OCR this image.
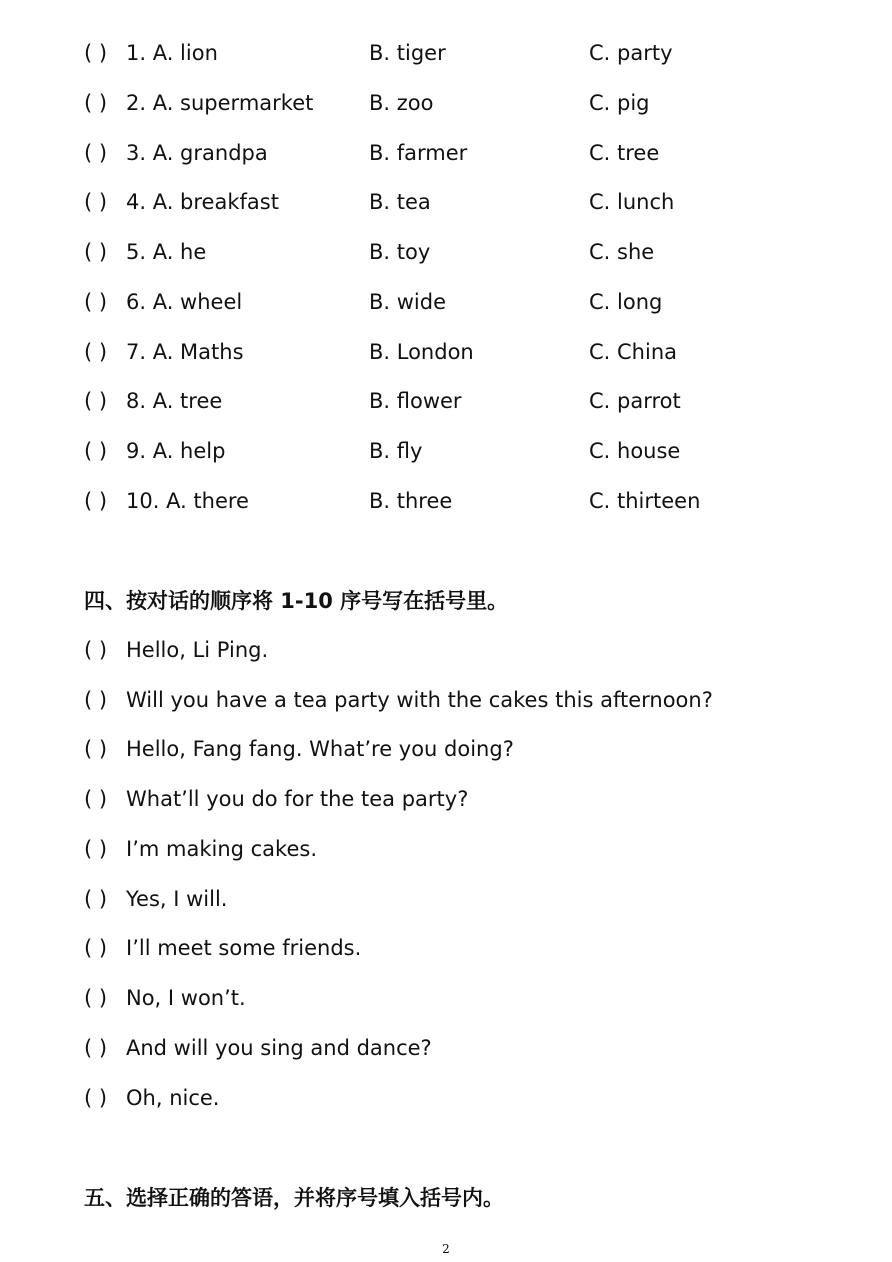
( ) 1. A. lion	B. tiger	C. party
( ) 2. A. supermarket	B. zoo	C. pig
( ) 3. A. grandpa	B. farmer	C. tree
( ) 4. A. breakfast	B. tea	C. lunch
( ) 5. A. he	B. toy	C. she
( ) 6. A. wheel	B. wide	C. long
( ) 7. A. Maths	B. London	C. China
( ) 8. A. tree	B. flower	C. parrot
( ) 9. A. help	B. fly	C. house
( ) 10. A. there	B. three	C. thirteen
四、按对话的顺序将 1-10 序号写在括号里。
( ) Hello, Li Ping.
( ) Will you have a tea party with the cakes this afternoon?
( ) Hello, Fang fang. What’re you doing?
( ) What’ll you do for the tea party?
( ) I’m making cakes.
( ) Yes, I will.
( ) I’ll meet some friends.
( ) No, I won’t.
( ) And will you sing and dance?
( ) Oh, nice.
五、选择正确的答语，并将序号填入括号内。
2
